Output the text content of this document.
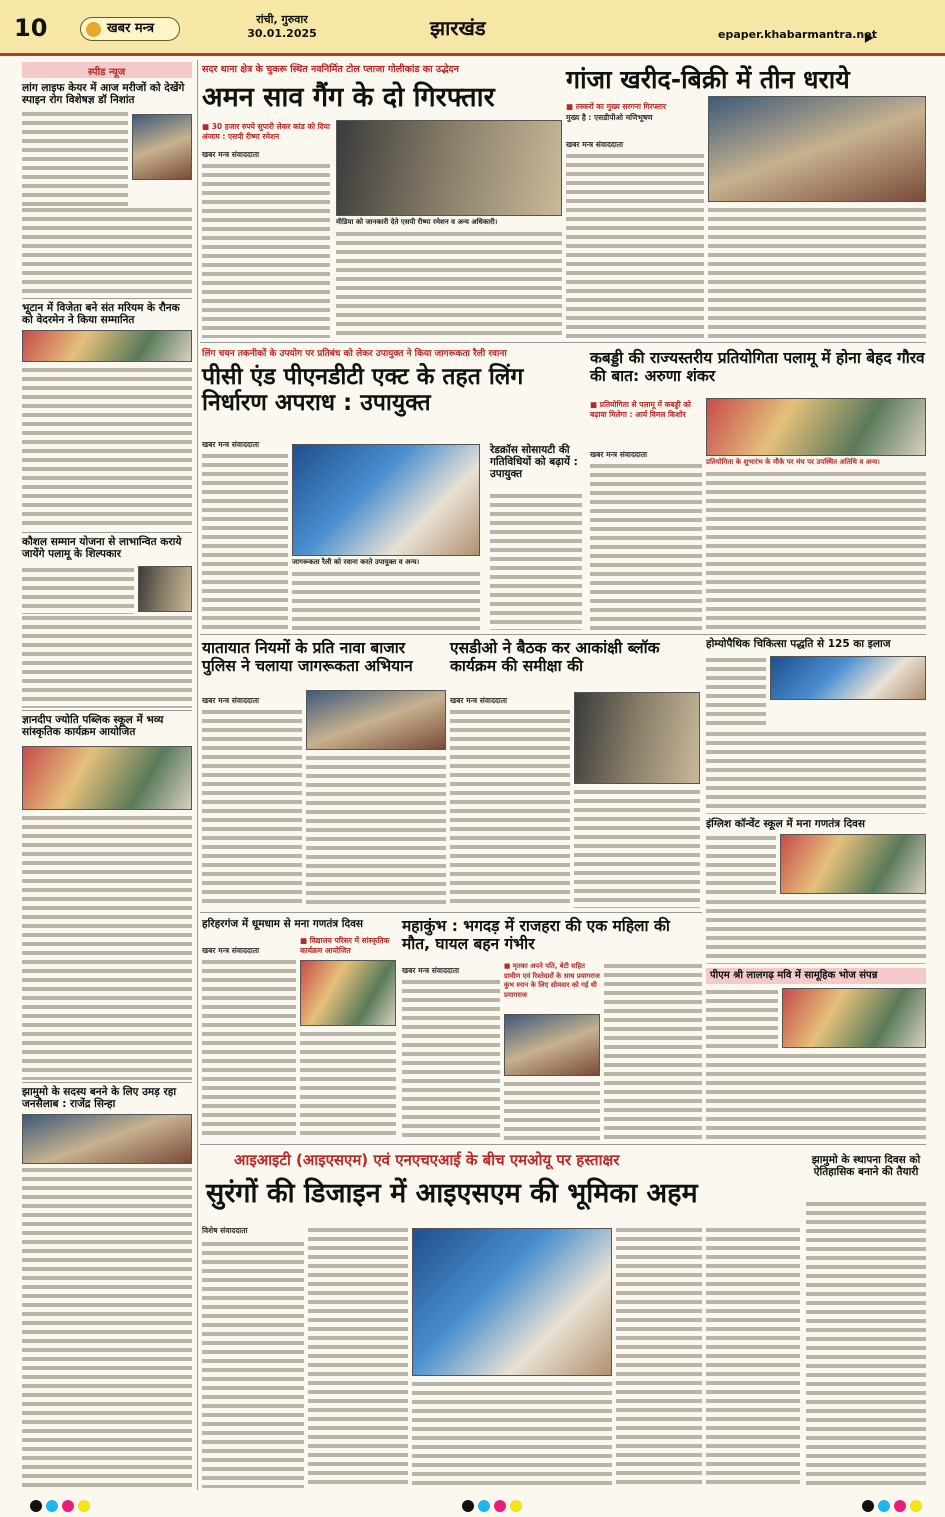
10	खबर मन्त्र
रांची, गुरुवार
30.01.2025	झारखंड	epaper.khabarmantra.net
स्पीड न्यूज
लांग लाइफ केयर में आज मरीजों को देखेंगे स्पाइन रोग विशेषज्ञ डॉ निशांत
भूटान में विजेता बने संत मरियम के रौनक को वेदरमेन ने किया सम्मानित
कौशल सम्मान योजना से लाभान्वित कराये जायेंगे पलामू के शिल्पकार
ज्ञानदीप ज्योति पब्लिक स्कूल में भव्य सांस्कृतिक कार्यक्रम आयोजित
झामुमो के सदस्य बनने के लिए उमड़ रहा जनसैलाब : राजेंद्र सिन्हा
सदर थाना क्षेत्र के चुकरू स्थित नवनिर्मित टोल प्लाजा गोलीकांड का उद्भेदन
अमन साव गैंग के दो गिरफ्तार
■ 30 हजार रुपये सुपारी लेकर कांड को दिया अंजाम : एसपी रीष्मा रमेशन
खबर मन्त्र संवाददाता
मीडिया को जानकारी देते एसपी रीष्मा रमेशन व अन्य अधिकारी।
गांजा खरीद-बिक्री में तीन धराये
■ तस्करों का मुख्य सरगना गिरफ्तार
मुख्य है : एसडीपीओ मणिभूषण
खबर मन्त्र संवाददाता
लिंग चयन तकनीकों के उपयोग पर प्रतिबंध को लेकर उपायुक्त ने किया जागरूकता रैली रवाना
पीसी एंड पीएनडीटी एक्ट के तहत लिंग निर्धारण अपराध : उपायुक्त
खबर मन्त्र संवाददाता
जागरूकता रैली को रवाना करते उपायुक्त व अन्य।
रेडक्रॉस सोसायटी की गतिविधियों को बढ़ायें : उपायुक्त
कबड्डी की राज्यस्तरीय प्रतियोगिता पलामू में होना बेहद गौरव की बात: अरुणा शंकर
■ प्रतियोगिता से पलामू में कबड्डी को बढ़ावा मिलेगा : आर्य विमल किशोर
प्रतियोगिता के शुभारंभ के मौके पर मंच पर उपस्थित अतिथि व अन्य।
खबर मन्त्र संवाददाता
होम्योपैथिक चिकित्सा पद्धति से 125 का इलाज
यातायात नियमों के प्रति नावा बाजार पुलिस ने चलाया जागरूकता अभियान
खबर मन्त्र संवाददाता
एसडीओ ने बैठक कर आकांक्षी ब्लॉक कार्यक्रम की समीक्षा की
खबर मन्त्र संवाददाता
इंग्लिश कॉन्वेंट स्कूल में मना गणतंत्र दिवस
हरिहरगंज में धूमधाम से मना गणतंत्र दिवस
■ विद्यालय परिसर में सांस्कृतिक कार्यक्रम आयोजित
खबर मन्त्र संवाददाता
महाकुंभ : भगदड़ में राजहरा की एक महिला की मौत, घायल बहन गंभीर
खबर मन्त्र संवाददाता	■ मृतका अपने पति, बेटी सहित ग्रामीण एवं रिश्तेदारों के साथ प्रयागराज कुंभ स्नान के लिए सोमवार को गई थी प्रयागराज
पीएम श्री लालगढ़ मवि में सामूहिक भोज संपन्न
आइआइटी (आइएसएम) एवं एनएचएआई के बीच एमओयू पर हस्ताक्षर
सुरंगों की डिजाइन में आइएसएम की भूमिका अहम
विशेष संवाददाता
झामुमो के स्थापना दिवस को ऐतिहासिक बनाने की तैयारी
